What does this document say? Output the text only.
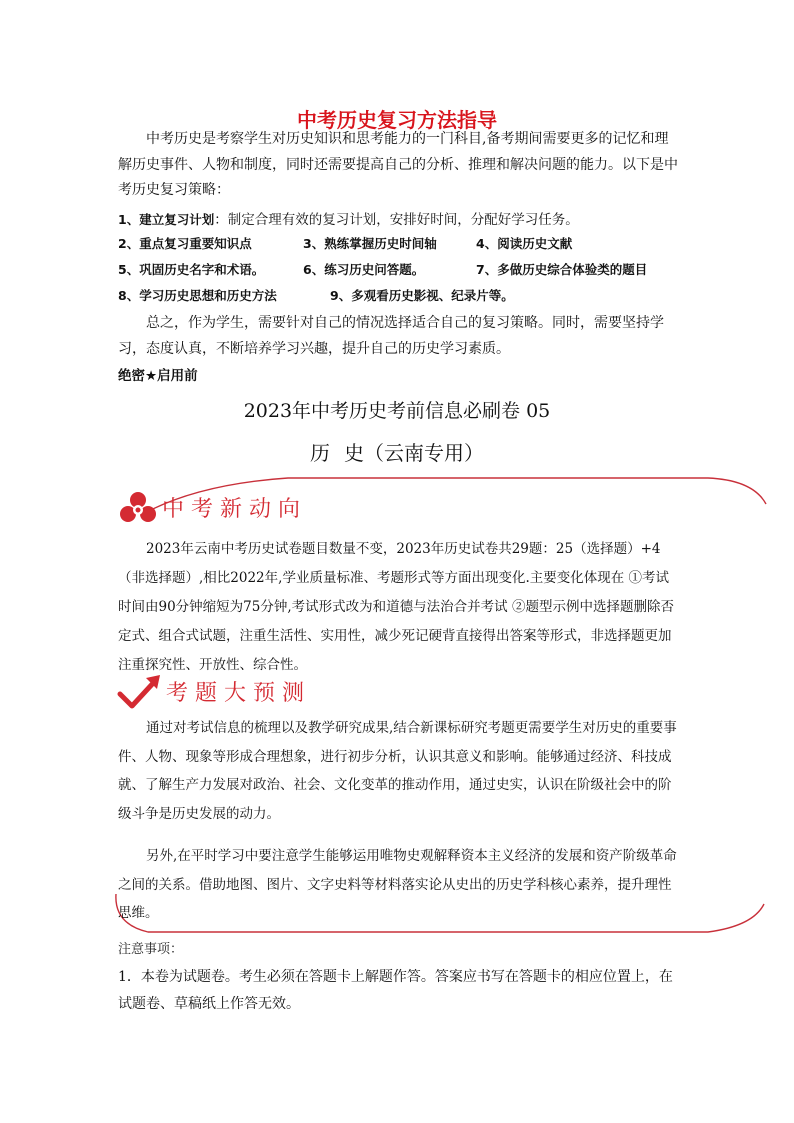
中考历史复习方法指导
中考历史是考察学生对历史知识和思考能力的一门科目,备考期间需要更多的记忆和理解历史事件、人物和制度，同时还需要提高自己的分析、推理和解决问题的能力。以下是中考历史复习策略：
1、建立复习计划：制定合理有效的复习计划，安排好时间，分配好学习任务。
2、重点复习重要知识点	3、熟练掌握历史时间轴	4、阅读历史文献
5、巩固历史名字和术语。	6、练习历史问答题。	7、多做历史综合体验类的题目
8、学习历史思想和历史方法	9、多观看历史影视、纪录片等。
总之，作为学生，需要针对自己的情况选择适合自己的复习策略。同时，需要坚持学习，态度认真，不断培养学习兴趣，提升自己的历史学习素质。
绝密★启用前
2023年中考历史考前信息必刷卷 05
历史（云南专用）
中考新动向
2023年云南中考历史试卷题目数量不变，2023年历史试卷共29题：25（选择题）+4（非选择题）,相比2022年,学业质量标准、考题形式等方面出现变化.主要变化体现在 ①考试时间由90分钟缩短为75分钟,考试形式改为和道德与法治合并考试 ②题型示例中选择题删除否定式、组合式试题，注重生活性、实用性，减少死记硬背直接得出答案等形式，非选择题更加注重探究性、开放性、综合性。
考题大预测
通过对考试信息的梳理以及教学研究成果,结合新课标研究考题更需要学生对历史的重要事件、人物、现象等形成合理想象，进行初步分析，认识其意义和影响。能够通过经济、科技成就、了解生产力发展对政治、社会、文化变革的推动作用，通过史实，认识在阶级社会中的阶级斗争是历史发展的动力。
另外,在平时学习中要注意学生能够运用唯物史观解释资本主义经济的发展和资产阶级革命之间的关系。借助地图、图片、文字史料等材料落实论从史出的历史学科核心素养，提升理性思维。
注意事项：
1．本卷为试题卷。考生必须在答题卡上解题作答。答案应书写在答题卡的相应位置上，在试题卷、草稿纸上作答无效。
